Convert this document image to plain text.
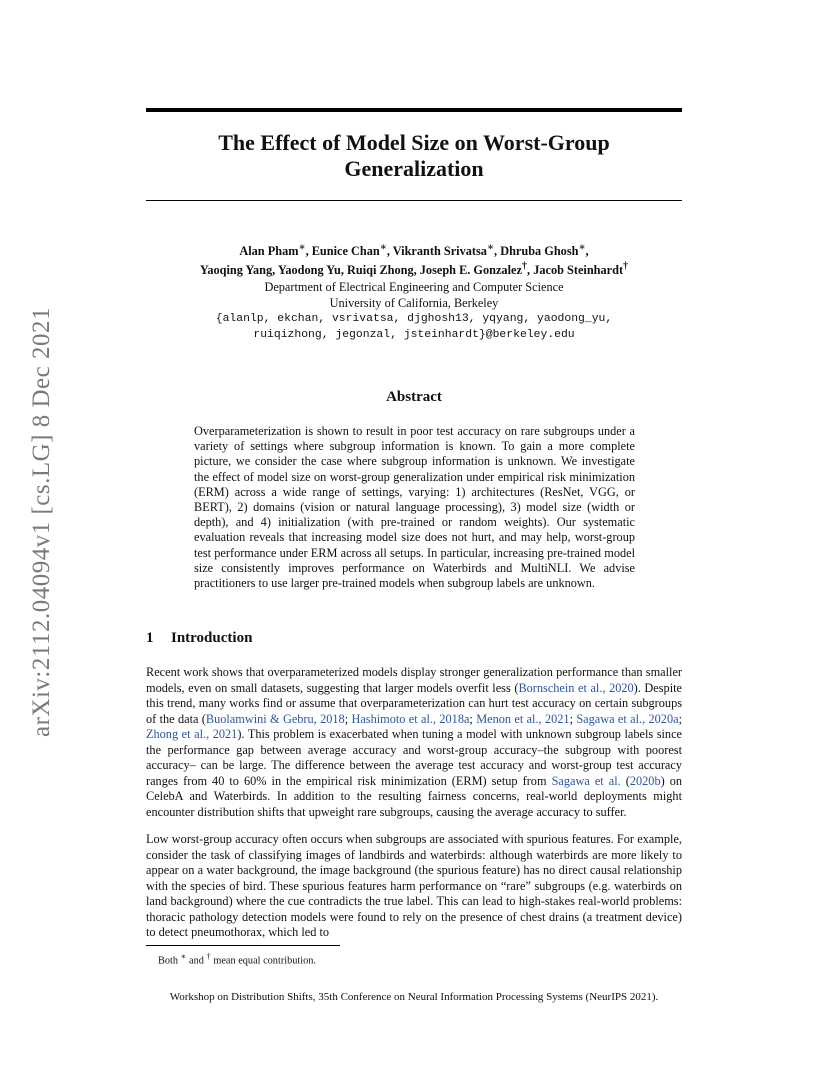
arXiv:2112.04094v1 [cs.LG] 8 Dec 2021
The Effect of Model Size on Worst-Group
Generalization
Alan Pham∗, Eunice Chan∗, Vikranth Srivatsa∗, Dhruba Ghosh∗,
Yaoqing Yang, Yaodong Yu, Ruiqi Zhong, Joseph E. Gonzalez†, Jacob Steinhardt†
Department of Electrical Engineering and Computer Science
University of California, Berkeley
{alanlp, ekchan, vsrivatsa, djghosh13, yqyang, yaodong_yu,
ruiqizhong, jegonzal, jsteinhardt}@berkeley.edu
Abstract

Overparameterization is shown to result in poor test accuracy on rare subgroups under a variety of settings where subgroup information is known. To gain a more complete picture, we consider the case where subgroup information is unknown. We investigate the effect of model size on worst-group generalization under empirical risk minimization (ERM) across a wide range of settings, varying: 1) architectures (ResNet, VGG, or BERT), 2) domains (vision or natural language processing), 3) model size (width or depth), and 4) initialization (with pre-trained or random weights). Our systematic evaluation reveals that increasing model size does not hurt, and may help, worst-group test performance under ERM across all setups. In particular, increasing pre-trained model size consistently improves performance on Waterbirds and MultiNLI. We advise practitioners to use larger pre-trained models when subgroup labels are unknown.

1 Introduction

Recent work shows that overparameterized models display stronger generalization performance than smaller models, even on small datasets, suggesting that larger models overfit less (Bornschein et al., 2020). Despite this trend, many works find or assume that overparameterization can hurt test accuracy on certain subgroups of the data (Buolamwini & Gebru, 2018; Hashimoto et al., 2018a; Menon et al., 2021; Sagawa et al., 2020a; Zhong et al., 2021). This problem is exacerbated when tuning a model with unknown subgroup labels since the performance gap between average accuracy and worst-group accuracy–the subgroup with poorest accuracy– can be large. The difference between the average test accuracy and worst-group test accuracy ranges from 40 to 60% in the empirical risk minimization (ERM) setup from Sagawa et al. (2020b) on CelebA and Waterbirds. In addition to the resulting fairness concerns, real-world deployments might encounter distribution shifts that upweight rare subgroups, causing the average accuracy to suffer.

Low worst-group accuracy often occurs when subgroups are associated with spurious features. For example, consider the task of classifying images of landbirds and waterbirds: although waterbirds are more likely to appear on a water background, the image background (the spurious feature) has no direct causal relationship with the species of bird. These spurious features harm performance on “rare” subgroups (e.g. waterbirds on land background) where the cue contradicts the true label. This can lead to high-stakes real-world problems: thoracic pathology detection models were found to rely on the presence of chest drains (a treatment device) to detect pneumothorax, which led to

Both ∗ and † mean equal contribution.
Workshop on Distribution Shifts, 35th Conference on Neural Information Processing Systems (NeurIPS 2021).
